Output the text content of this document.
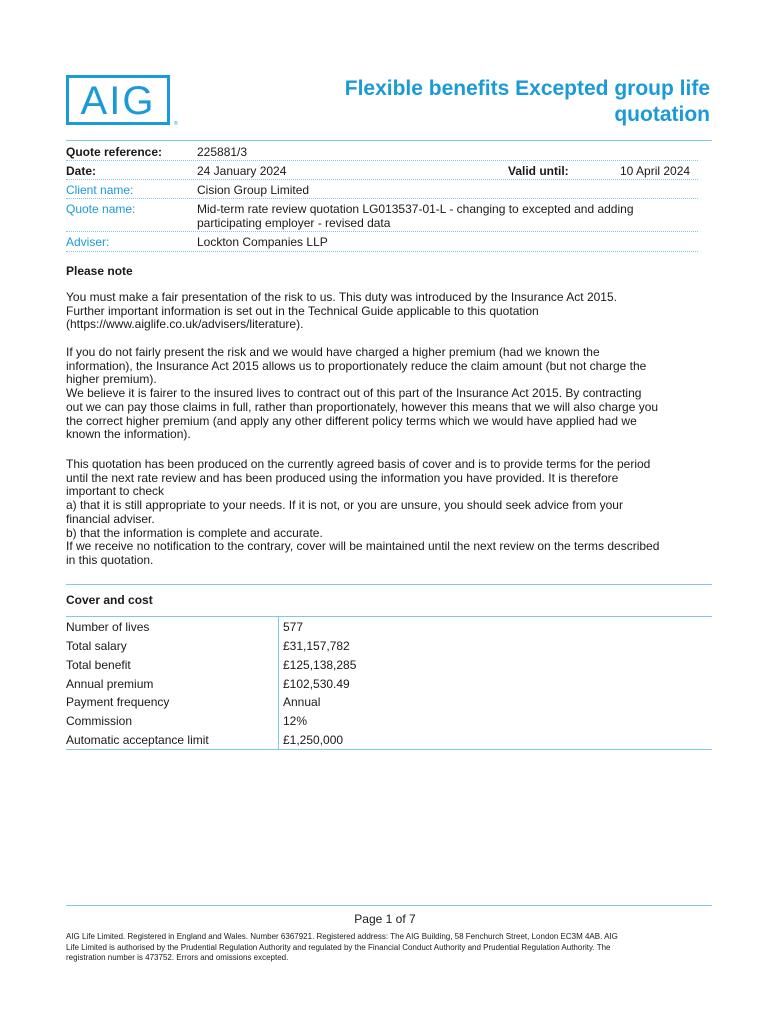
AIG
®
Flexible benefits Excepted group life quotation
Quote reference:	225881/3
Date:	24 January 2024	Valid until:	10 April 2024
Client name:	Cision Group Limited
Quote name:	Mid-term rate review quotation LG013537-01-L - changing to excepted and adding
participating employer - revised data
Adviser:	Lockton Companies LLP
Please note
You must make a fair presentation of the risk to us. This duty was introduced by the Insurance Act 2015.
Further important information is set out in the Technical Guide applicable to this quotation
(https://www.aiglife.co.uk/advisers/literature).
If you do not fairly present the risk and we would have charged a higher premium (had we known the
information), the Insurance Act 2015 allows us to proportionately reduce the claim amount (but not charge the
higher premium).
We believe it is fairer to the insured lives to contract out of this part of the Insurance Act 2015. By contracting
out we can pay those claims in full, rather than proportionately, however this means that we will also charge you
the correct higher premium (and apply any other different policy terms which we would have applied had we
known the information).
This quotation has been produced on the currently agreed basis of cover and is to provide terms for the period
until the next rate review and has been produced using the information you have provided. It is therefore
important to check
a) that it is still appropriate to your needs. If it is not, or you are unsure, you should seek advice from your
financial adviser.
b) that the information is complete and accurate.
If we receive no notification to the contrary, cover will be maintained until the next review on the terms described
in this quotation.
Cover and cost
Number of lives	577
Total salary	£31,157,782
Total benefit	£125,138,285
Annual premium	£102,530.49
Payment frequency	Annual
Commission	12%
Automatic acceptance limit	£1,250,000
Page 1 of 7
AIG Life Limited. Registered in England and Wales. Number 6367921. Registered address: The AIG Building, 58 Fenchurch Street, London EC3M 4AB. AIG
Life Limited is authorised by the Prudential Regulation Authority and regulated by the Financial Conduct Authority and Prudential Regulation Authority. The
registration number is 473752. Errors and omissions excepted.
